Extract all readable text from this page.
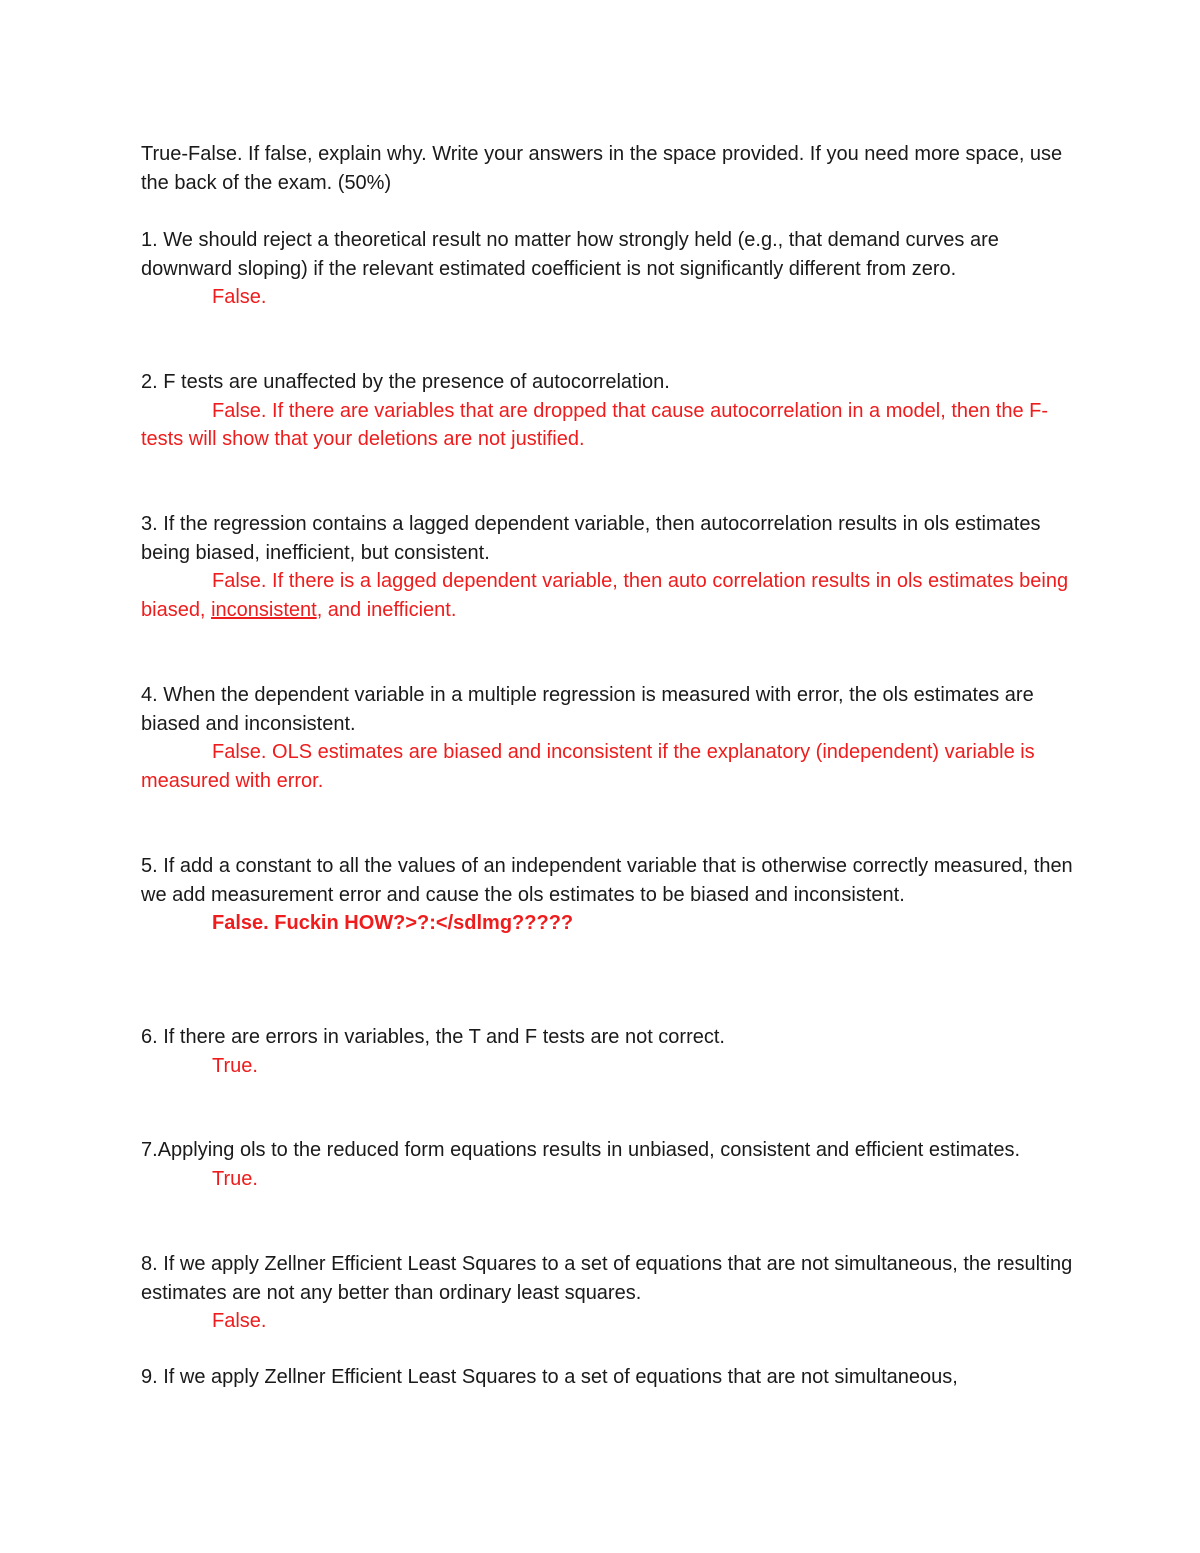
True-False. If false, explain why. Write your answers in the space provided. If you need more space, use the back of the exam. (50%)

1. We should reject a theoretical result no matter how strongly held (e.g., that demand curves are downward sloping) if the relevant estimated coefficient is not significantly different from zero.

False.

2. F tests are unaffected by the presence of autocorrelation.

False. If there are variables that are dropped that cause autocorrelation in a model, then the F-tests will show that your deletions are not justified.

3. If the regression contains a lagged dependent variable, then autocorrelation results in ols estimates being biased, inefficient, but consistent.

False. If there is a lagged dependent variable, then auto correlation results in ols estimates being biased, inconsistent, and inefficient.

4. When the dependent variable in a multiple regression is measured with error, the ols estimates are biased and inconsistent.

False. OLS estimates are biased and inconsistent if the explanatory (independent) variable is measured with error.

5. If add a constant to all the values of an independent variable that is otherwise correctly measured, then we add measurement error and cause the ols estimates to be biased and inconsistent.

False. Fuckin HOW?>?:</sdlmg?????

6. If there are errors in variables, the T and F tests are not correct.

True.

7.Applying ols to the reduced form equations results in unbiased, consistent and efficient estimates.

True.

8. If we apply Zellner Efficient Least Squares to a set of equations that are not simultaneous, the resulting estimates are not any better than ordinary least squares.

False.

9. If we apply Zellner Efficient Least Squares to a set of equations that are not simultaneous,
